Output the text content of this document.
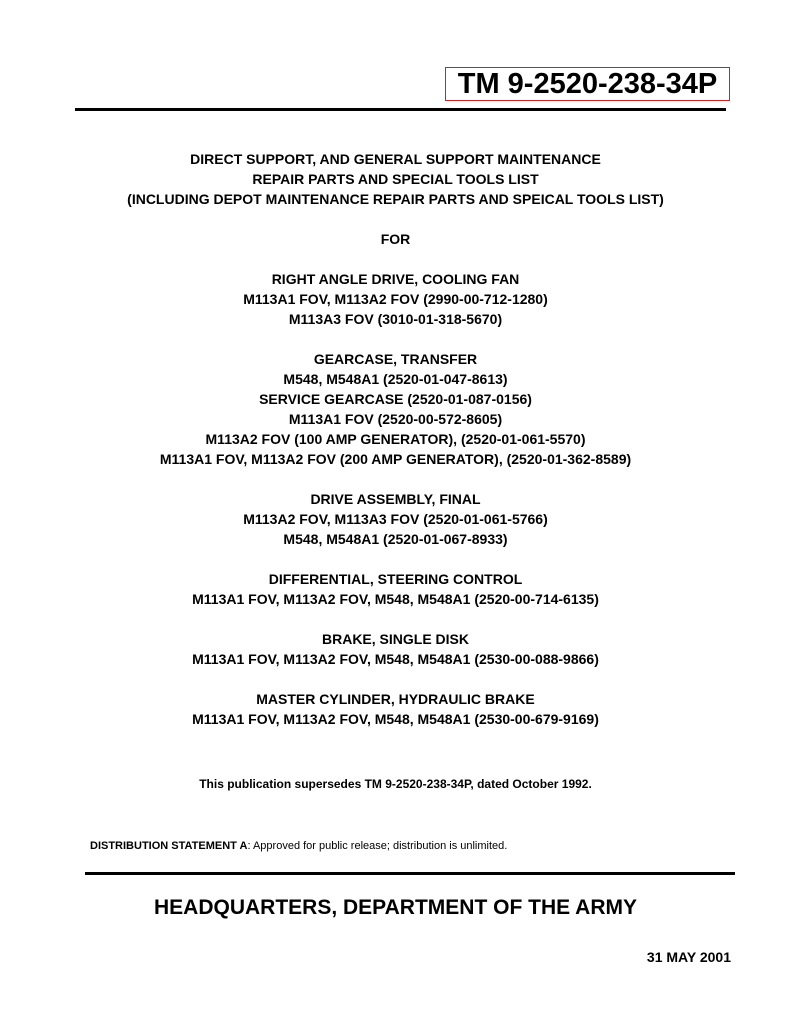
TM 9-2520-238-34P
DIRECT SUPPORT, AND GENERAL SUPPORT MAINTENANCE
REPAIR PARTS AND SPECIAL TOOLS LIST
(INCLUDING DEPOT MAINTENANCE REPAIR PARTS AND SPEICAL TOOLS LIST)
FOR
RIGHT ANGLE DRIVE, COOLING FAN
M113A1 FOV, M113A2 FOV (2990-00-712-1280)
M113A3 FOV (3010-01-318-5670)
GEARCASE, TRANSFER
M548, M548A1 (2520-01-047-8613)
SERVICE GEARCASE (2520-01-087-0156)
M113A1 FOV (2520-00-572-8605)
M113A2 FOV (100 AMP GENERATOR), (2520-01-061-5570)
M113A1 FOV, M113A2 FOV (200 AMP GENERATOR), (2520-01-362-8589)
DRIVE ASSEMBLY, FINAL
M113A2 FOV, M113A3 FOV (2520-01-061-5766)
M548, M548A1 (2520-01-067-8933)
DIFFERENTIAL, STEERING CONTROL
M113A1 FOV, M113A2 FOV, M548, M548A1 (2520-00-714-6135)
BRAKE, SINGLE DISK
M113A1 FOV, M113A2 FOV, M548, M548A1 (2530-00-088-9866)
MASTER CYLINDER, HYDRAULIC BRAKE
M113A1 FOV, M113A2 FOV, M548, M548A1 (2530-00-679-9169)
This publication supersedes TM 9-2520-238-34P, dated October 1992.
DISTRIBUTION STATEMENT A: Approved for public release; distribution is unlimited.
HEADQUARTERS, DEPARTMENT OF THE ARMY
31 MAY 2001
